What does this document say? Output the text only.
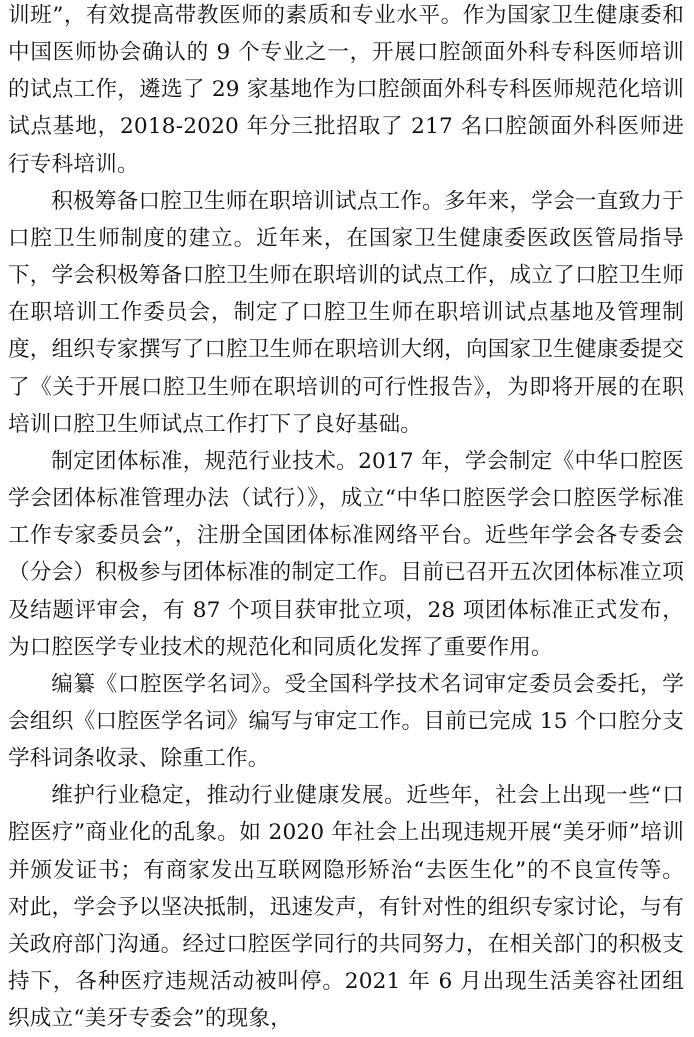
训班”，有效提高带教医师的素质和专业水平。作为国家卫生健康委和中国医师协会确认的 9 个专业之一，开展口腔颌面外科专科医师培训的试点工作，遴选了 29 家基地作为口腔颌面外科专科医师规范化培训试点基地，2018-2020 年分三批招取了 217 名口腔颌面外科医师进行专科培训。

积极筹备口腔卫生师在职培训试点工作。多年来，学会一直致力于口腔卫生师制度的建立。近年来，在国家卫生健康委医政医管局指导下，学会积极筹备口腔卫生师在职培训的试点工作，成立了口腔卫生师在职培训工作委员会，制定了口腔卫生师在职培训试点基地及管理制度，组织专家撰写了口腔卫生师在职培训大纲，向国家卫生健康委提交了《关于开展口腔卫生师在职培训的可行性报告》，为即将开展的在职培训口腔卫生师试点工作打下了良好基础。

制定团体标准，规范行业技术。2017 年，学会制定《中华口腔医学会团体标准管理办法（试行）》，成立“中华口腔医学会口腔医学标准工作专家委员会”，注册全国团体标准网络平台。近些年学会各专委会（分会）积极参与团体标准的制定工作。目前已召开五次团体标准立项及结题评审会，有 87 个项目获审批立项，28 项团体标准正式发布，为口腔医学专业技术的规范化和同质化发挥了重要作用。

编纂《口腔医学名词》。受全国科学技术名词审定委员会委托，学会组织《口腔医学名词》编写与审定工作。目前已完成 15 个口腔分支学科词条收录、除重工作。

维护行业稳定，推动行业健康发展。近些年，社会上出现一些“口腔医疗”商业化的乱象。如 2020 年社会上出现违规开展“美牙师”培训并颁发证书；有商家发出互联网隐形矫治“去医生化”的不良宣传等。对此，学会予以坚决抵制，迅速发声，有针对性的组织专家讨论，与有关政府部门沟通。经过口腔医学同行的共同努力，在相关部门的积极支持下，各种医疗违规活动被叫停。2021 年 6 月出现生活美容社团组织成立“美牙专委会”的现象，
